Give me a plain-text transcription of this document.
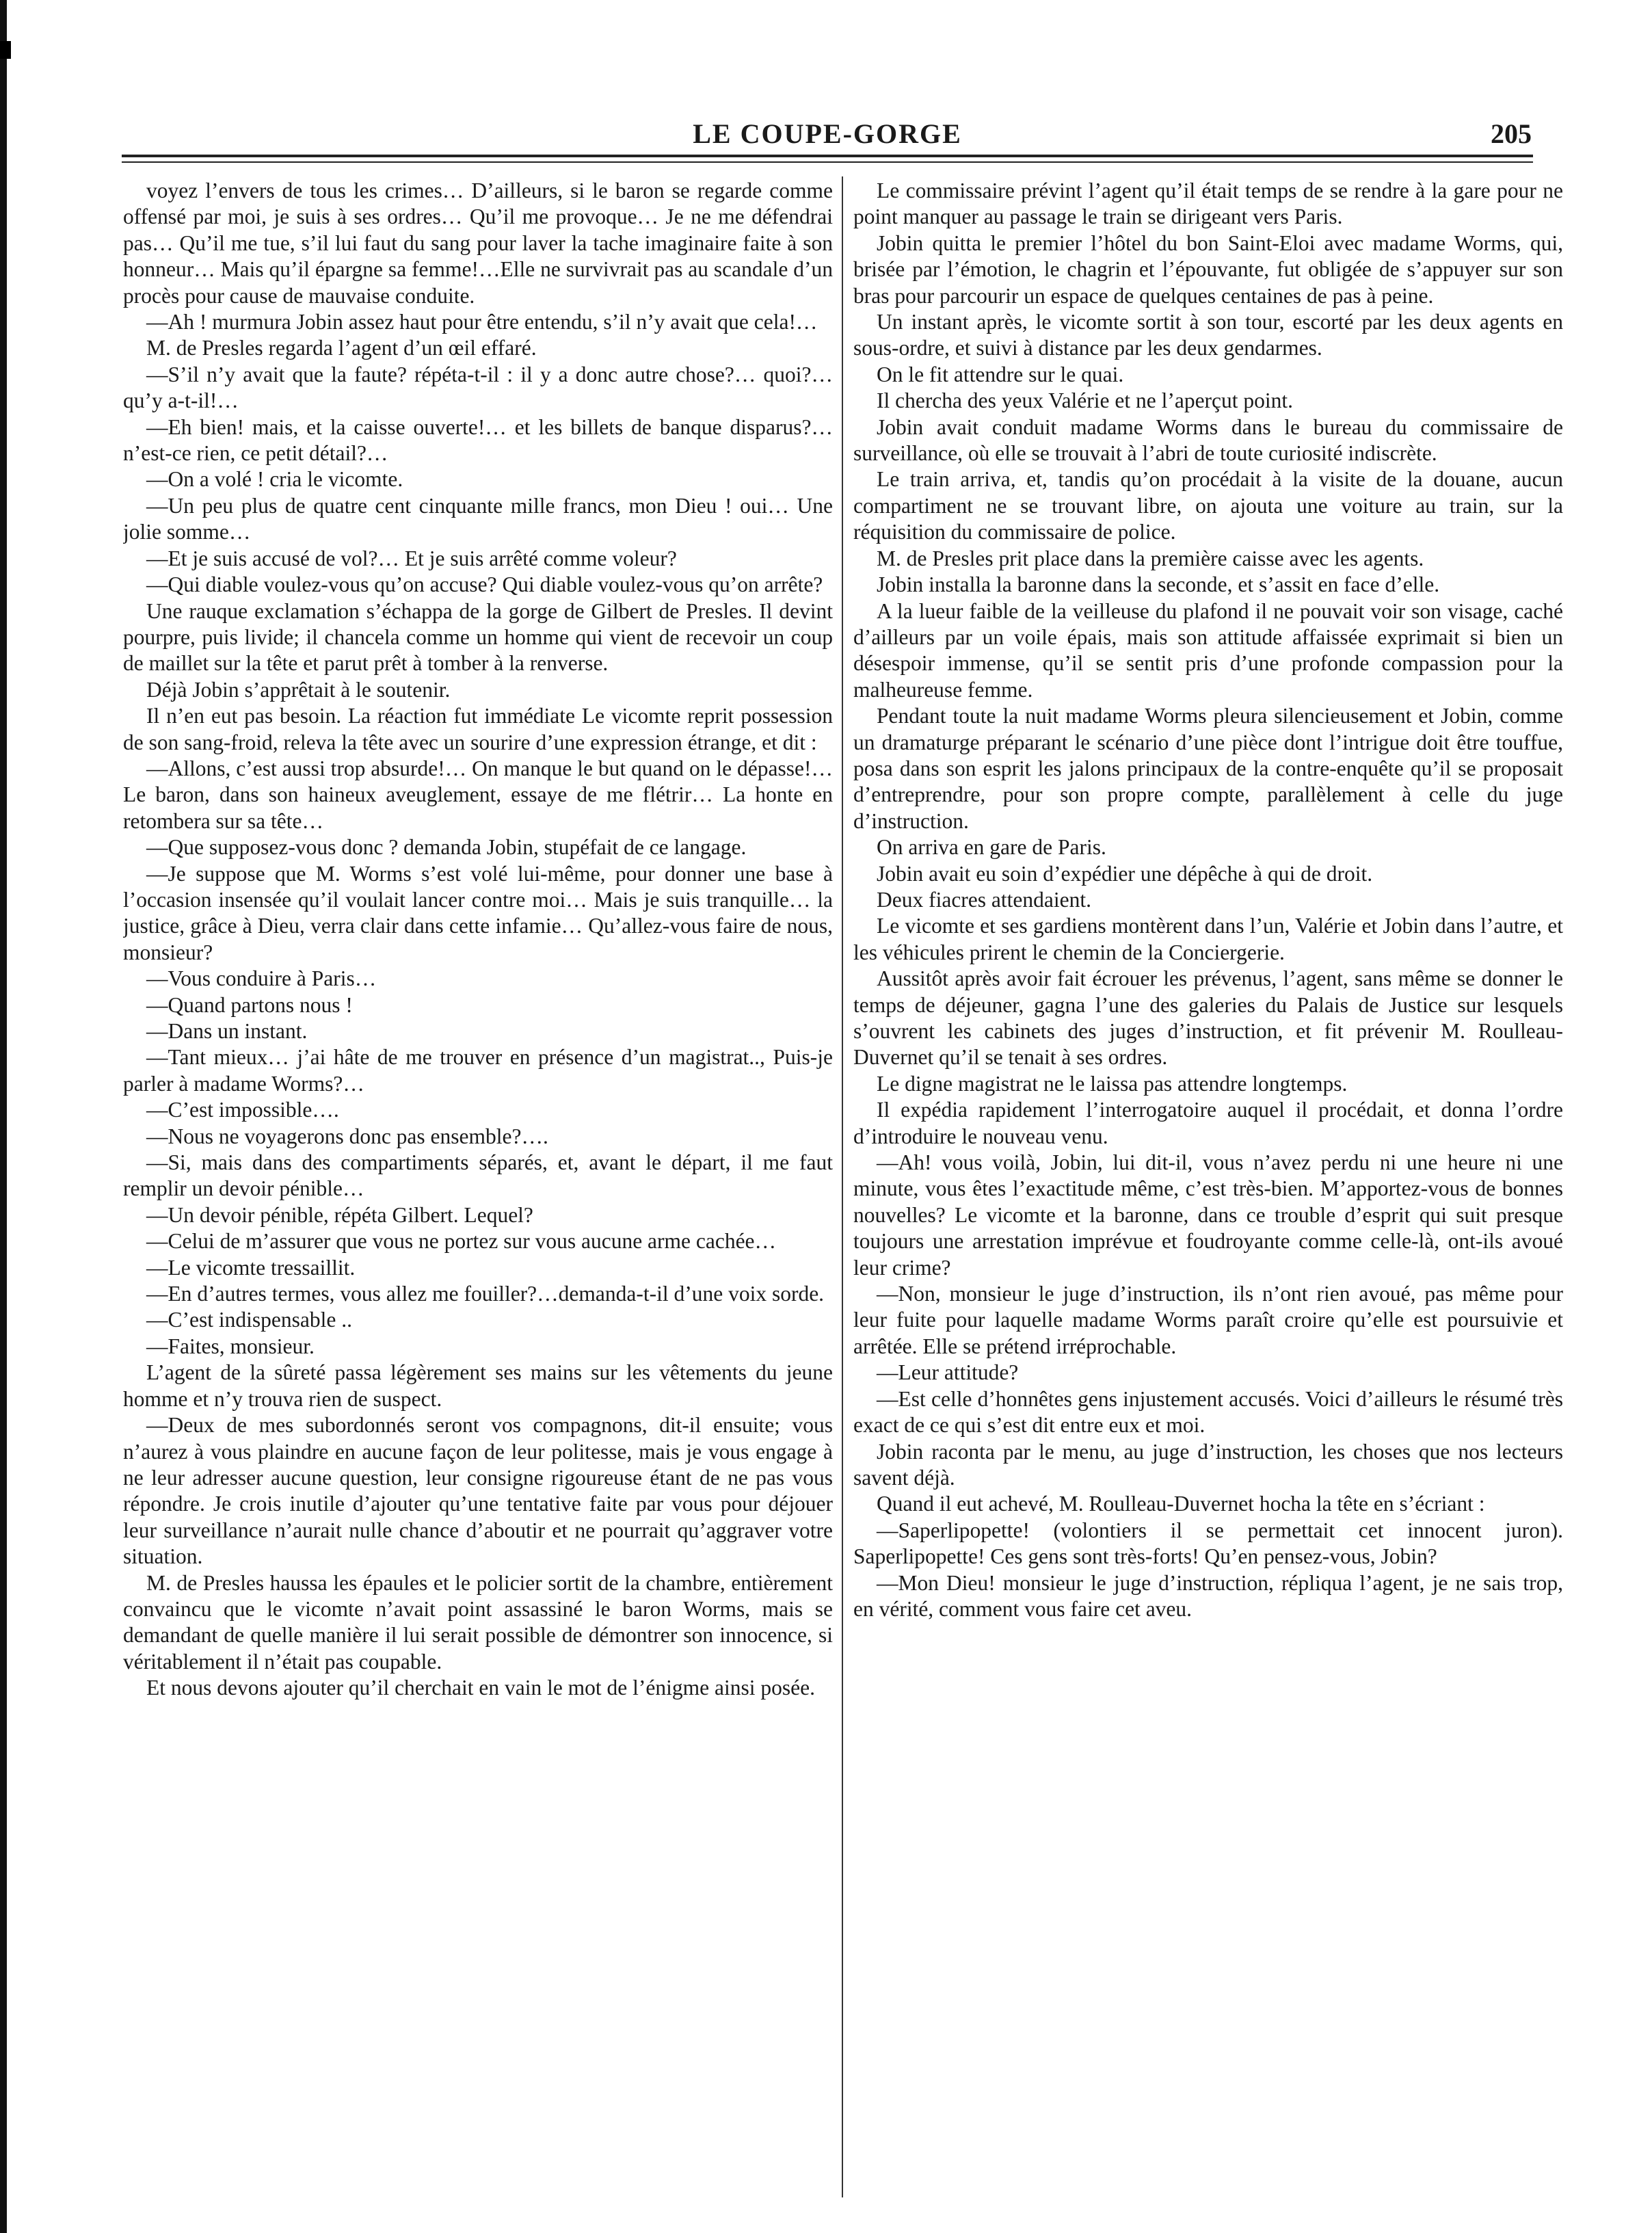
LE COUPE-GORGE	205

voyez l’envers de tous les crimes… D’ailleurs, si le baron se regarde comme offensé par moi, je suis à ses ordres… Qu’il me provoque… Je ne me défendrai pas… Qu’il me tue, s’il lui faut du sang pour laver la tache imaginaire faite à son honneur… Mais qu’il épargne sa femme!…Elle ne survivrait pas au scandale d’un procès pour cause de mauvaise conduite.

—Ah ! murmura Jobin assez haut pour être entendu, s’il n’y avait que cela!…

M. de Presles regarda l’agent d’un œil effaré.

—S’il n’y avait que la faute? répéta-t-il : il y a donc autre chose?… quoi?… qu’y a-t-il!…

—Eh bien! mais, et la caisse ouverte!… et les billets de banque disparus?… n’est-ce rien, ce petit détail?…

—On a volé ! cria le vicomte.

—Un peu plus de quatre cent cinquante mille francs, mon Dieu ! oui… Une jolie somme…

—Et je suis accusé de vol?… Et je suis arrêté comme voleur?

—Qui diable voulez-vous qu’on accuse? Qui diable voulez-vous qu’on arrête?

Une rauque exclamation s’échappa de la gorge de Gilbert de Presles. Il devint pourpre, puis livide; il chancela comme un homme qui vient de recevoir un coup de maillet sur la tête et parut prêt à tomber à la renverse.

Déjà Jobin s’apprêtait à le soutenir.

Il n’en eut pas besoin. La réaction fut immédiate Le vicomte reprit possession de son sang-froid, releva la tête avec un sourire d’une expression étrange, et dit :

—Allons, c’est aussi trop absurde!… On manque le but quand on le dépasse!… Le baron, dans son haineux aveuglement, essaye de me flétrir… La honte en retombera sur sa tête…

—Que supposez-vous donc ? demanda Jobin, stupéfait de ce langage.

—Je suppose que M. Worms s’est volé lui-même, pour donner une base à l’occasion insensée qu’il voulait lancer contre moi… Mais je suis tranquille… la justice, grâce à Dieu, verra clair dans cette infamie… Qu’allez-vous faire de nous, monsieur?

—Vous conduire à Paris…

—Quand partons nous !

—Dans un instant.

—Tant mieux… j’ai hâte de me trouver en présence d’un magistrat.., Puis-je parler à madame Worms?…

—C’est impossible….

—Nous ne voyagerons donc pas ensemble?….

—Si, mais dans des compartiments séparés, et, avant le départ, il me faut remplir un devoir pénible…

—Un devoir pénible, répéta Gilbert. Lequel?

—Celui de m’assurer que vous ne portez sur vous aucune arme cachée…

—Le vicomte tressaillit.

—En d’autres termes, vous allez me fouiller?…demanda-t-il d’une voix sorde.

—C’est indispensable ..

—Faites, monsieur.

L’agent de la sûreté passa légèrement ses mains sur les vêtements du jeune homme et n’y trouva rien de suspect.

—Deux de mes subordonnés seront vos compagnons, dit-il ensuite; vous n’aurez à vous plaindre en aucune façon de leur politesse, mais je vous engage à ne leur adresser aucune question, leur consigne rigoureuse étant de ne pas vous répondre. Je crois inutile d’ajouter qu’une tentative faite par vous pour déjouer leur surveillance n’aurait nulle chance d’aboutir et ne pourrait qu’aggraver votre situation.

M. de Presles haussa les épaules et le policier sortit de la chambre, entièrement convaincu que le vicomte n’avait point assassiné le baron Worms, mais se demandant de quelle manière il lui serait possible de démontrer son innocence, si véritablement il n’était pas coupable.

Et nous devons ajouter qu’il cherchait en vain le mot de l’énigme ainsi posée.

Le commissaire prévint l’agent qu’il était temps de se rendre à la gare pour ne point manquer au passage le train se dirigeant vers Paris.

Jobin quitta le premier l’hôtel du bon Saint-Eloi avec madame Worms, qui, brisée par l’émotion, le chagrin et l’épouvante, fut obligée de s’appuyer sur son bras pour parcourir un espace de quelques centaines de pas à peine.

Un instant après, le vicomte sortit à son tour, escorté par les deux agents en sous-ordre, et suivi à distance par les deux gendarmes.

On le fit attendre sur le quai.

Il chercha des yeux Valérie et ne l’aperçut point.

Jobin avait conduit madame Worms dans le bureau du commissaire de surveillance, où elle se trouvait à l’abri de toute curiosité indiscrète.

Le train arriva, et, tandis qu’on procédait à la visite de la douane, aucun compartiment ne se trouvant libre, on ajouta une voiture au train, sur la réquisition du commissaire de police.

M. de Presles prit place dans la première caisse avec les agents.

Jobin installa la baronne dans la seconde, et s’assit en face d’elle.

A la lueur faible de la veilleuse du plafond il ne pouvait voir son visage, caché d’ailleurs par un voile épais, mais son attitude affaissée exprimait si bien un désespoir immense, qu’il se sentit pris d’une profonde compassion pour la malheureuse femme.

Pendant toute la nuit madame Worms pleura silencieusement et Jobin, comme un dramaturge préparant le scénario d’une pièce dont l’intrigue doit être touffue, posa dans son esprit les jalons principaux de la contre-enquête qu’il se proposait d’entreprendre, pour son propre compte, parallèlement à celle du juge d’instruction.

On arriva en gare de Paris.

Jobin avait eu soin d’expédier une dépêche à qui de droit.

Deux fiacres attendaient.

Le vicomte et ses gardiens montèrent dans l’un, Valérie et Jobin dans l’autre, et les véhicules prirent le chemin de la Conciergerie.

Aussitôt après avoir fait écrouer les prévenus, l’agent, sans même se donner le temps de déjeuner, gagna l’une des galeries du Palais de Justice sur lesquels s’ouvrent les cabinets des juges d’instruction, et fit prévenir M. Roulleau-Duvernet qu’il se tenait à ses ordres.

Le digne magistrat ne le laissa pas attendre longtemps.

Il expédia rapidement l’interrogatoire auquel il procédait, et donna l’ordre d’introduire le nouveau venu.

—Ah! vous voilà, Jobin, lui dit-il, vous n’avez perdu ni une heure ni une minute, vous êtes l’exactitude même, c’est très-bien. M’apportez-vous de bonnes nouvelles? Le vicomte et la baronne, dans ce trouble d’esprit qui suit presque toujours une arrestation imprévue et foudroyante comme celle-là, ont-ils avoué leur crime?

—Non, monsieur le juge d’instruction, ils n’ont rien avoué, pas même pour leur fuite pour laquelle madame Worms paraît croire qu’elle est poursuivie et arrêtée. Elle se prétend irréprochable.

—Leur attitude?

—Est celle d’honnêtes gens injustement accusés. Voici d’ailleurs le résumé très exact de ce qui s’est dit entre eux et moi.

Jobin raconta par le menu, au juge d’instruction, les choses que nos lecteurs savent déjà.

Quand il eut achevé, M. Roulleau-Duvernet hocha la tête en s’écriant :

—Saperlipopette! (volontiers il se permettait cet innocent juron). Saperlipopette! Ces gens sont très-forts! Qu’en pensez-vous, Jobin?

—Mon Dieu! monsieur le juge d’instruction, répliqua l’agent, je ne sais trop, en vérité, comment vous faire cet aveu.
